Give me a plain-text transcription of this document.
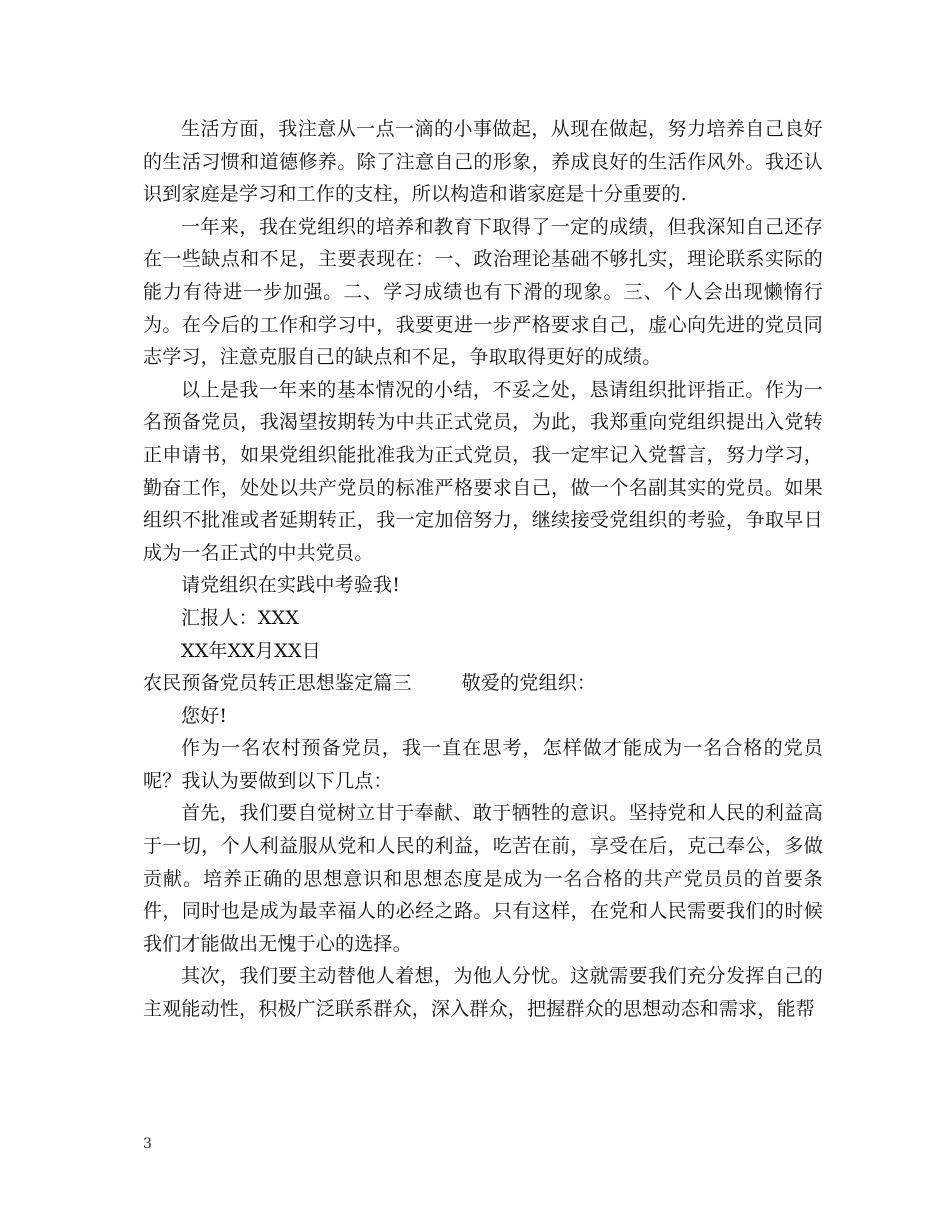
生活方面，我注意从一点一滴的小事做起，从现在做起，努力培养自己良好的生活习惯和道德修养。除了注意自己的形象，养成良好的生活作风外。我还认识到家庭是学习和工作的支柱，所以构造和谐家庭是十分重要的.

一年来，我在党组织的培养和教育下取得了一定的成绩，但我深知自己还存在一些缺点和不足，主要表现在：一、政治理论基础不够扎实，理论联系实际的能力有待进一步加强。二、学习成绩也有下滑的现象。三、个人会出现懒惰行为。在今后的工作和学习中，我要更进一步严格要求自己，虚心向先进的党员同志学习，注意克服自己的缺点和不足，争取取得更好的成绩。

以上是我一年来的基本情况的小结，不妥之处，恳请组织批评指正。作为一名预备党员，我渴望按期转为中共正式党员，为此，我郑重向党组织提出入党转正申请书，如果党组织能批准我为正式党员，我一定牢记入党誓言，努力学习，勤奋工作，处处以共产党员的标准严格要求自己，做一个名副其实的党员。如果组织不批准或者延期转正，我一定加倍努力，继续接受党组织的考验，争取早日成为一名正式的中共党员。

请党组织在实践中考验我!

汇报人：XXX

XX年XX月XX日

农民预备党员转正思想鉴定篇三        敬爱的党组织：

您好!

作为一名农村预备党员，我一直在思考，怎样做才能成为一名合格的党员呢？我认为要做到以下几点：

首先，我们要自觉树立甘于奉献、敢于牺牲的意识。坚持党和人民的利益高于一切，个人利益服从党和人民的利益，吃苦在前，享受在后，克己奉公，多做贡献。培养正确的思想意识和思想态度是成为一名合格的共产党员员的首要条件，同时也是成为最幸福人的必经之路。只有这样，在党和人民需要我们的时候我们才能做出无愧于心的选择。

其次，我们要主动替他人着想，为他人分忧。这就需要我们充分发挥自己的主观能动性，积极广泛联系群众，深入群众，把握群众的思想动态和需求，能帮

3
